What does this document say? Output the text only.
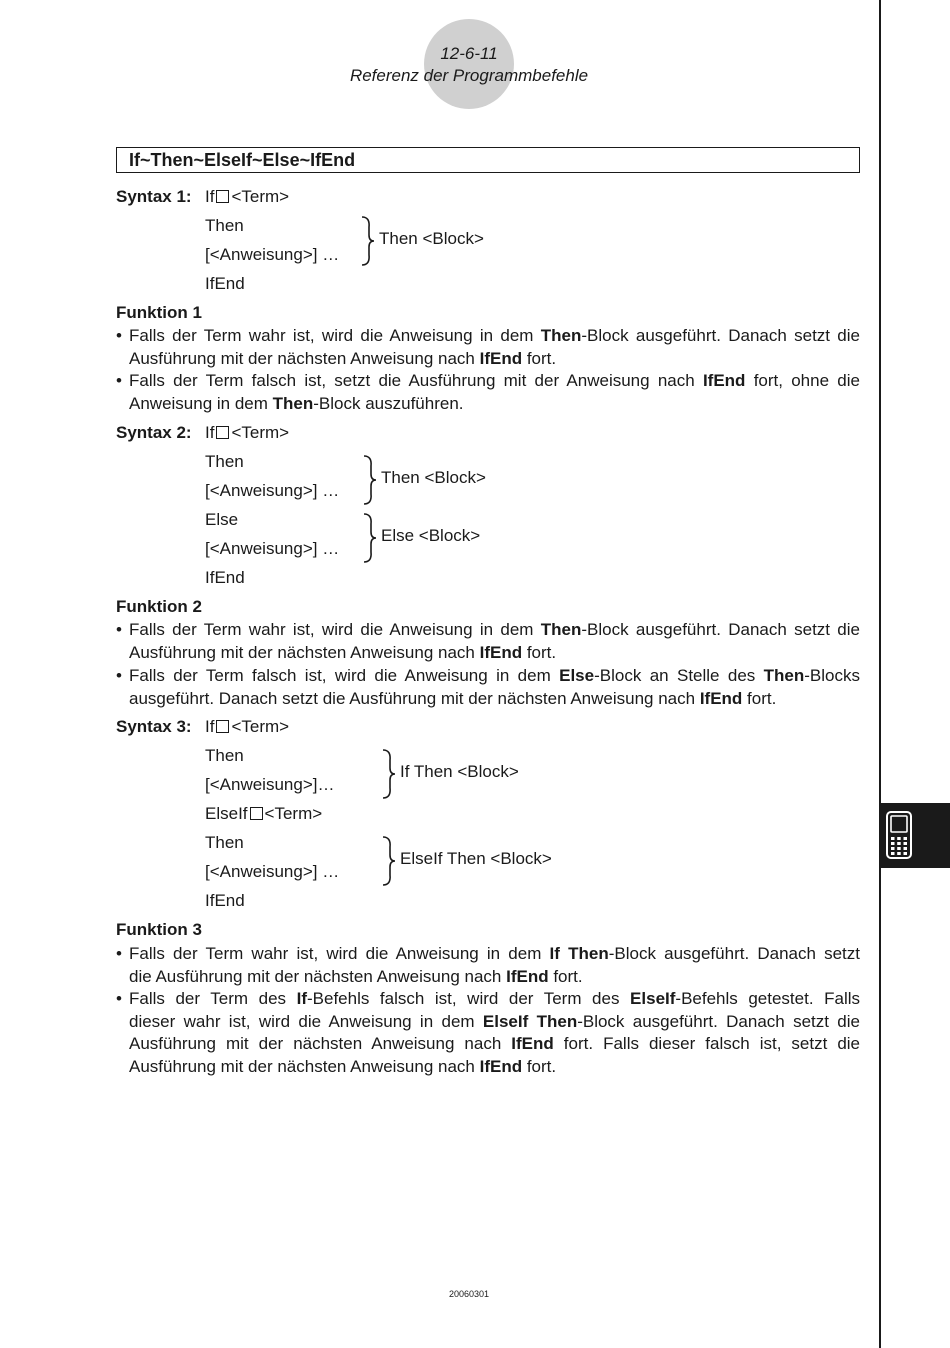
12-6-11
Referenz der Programmbefehle
If~Then~ElseIf~Else~IfEnd
Syntax 1: If <Term>
Then
[<Anweisung>] …
IfEnd
Then <Block>
Funktion 1
• Falls der Term wahr ist, wird die Anweisung in dem Then-Block ausgeführt. Danach setzt die
Ausführung mit der nächsten Anweisung nach IfEnd fort.
• Falls der Term falsch ist, setzt die Ausführung mit der Anweisung nach IfEnd fort, ohne die
Anweisung in dem Then-Block auszuführen.
Syntax 2: If <Term>
Then
[<Anweisung>] …
Else
[<Anweisung>] …
IfEnd
Then <Block>
Else <Block>
Funktion 2
• Falls der Term wahr ist, wird die Anweisung in dem Then-Block ausgeführt. Danach setzt die
Ausführung mit der nächsten Anweisung nach IfEnd fort.
• Falls der Term falsch ist, wird die Anweisung in dem Else-Block an Stelle des Then-Blocks
ausgeführt. Danach setzt die Ausführung mit der nächsten Anweisung nach IfEnd fort.
Syntax 3: If <Term>
Then
[<Anweisung>]…
ElseIf <Term>
Then
[<Anweisung>] …
IfEnd
If Then <Block>
ElseIf Then <Block>
Funktion 3
• Falls der Term wahr ist, wird die Anweisung in dem If Then-Block ausgeführt. Danach setzt
die Ausführung mit der nächsten Anweisung nach IfEnd fort.
• Falls der Term des If-Befehls falsch ist, wird der Term des ElseIf-Befehls getestet. Falls
dieser wahr ist, wird die Anweisung in dem ElseIf Then-Block ausgeführt. Danach setzt die
Ausführung mit der nächsten Anweisung nach IfEnd fort. Falls dieser falsch ist, setzt die
Ausführung mit der nächsten Anweisung nach IfEnd fort.
20060301
